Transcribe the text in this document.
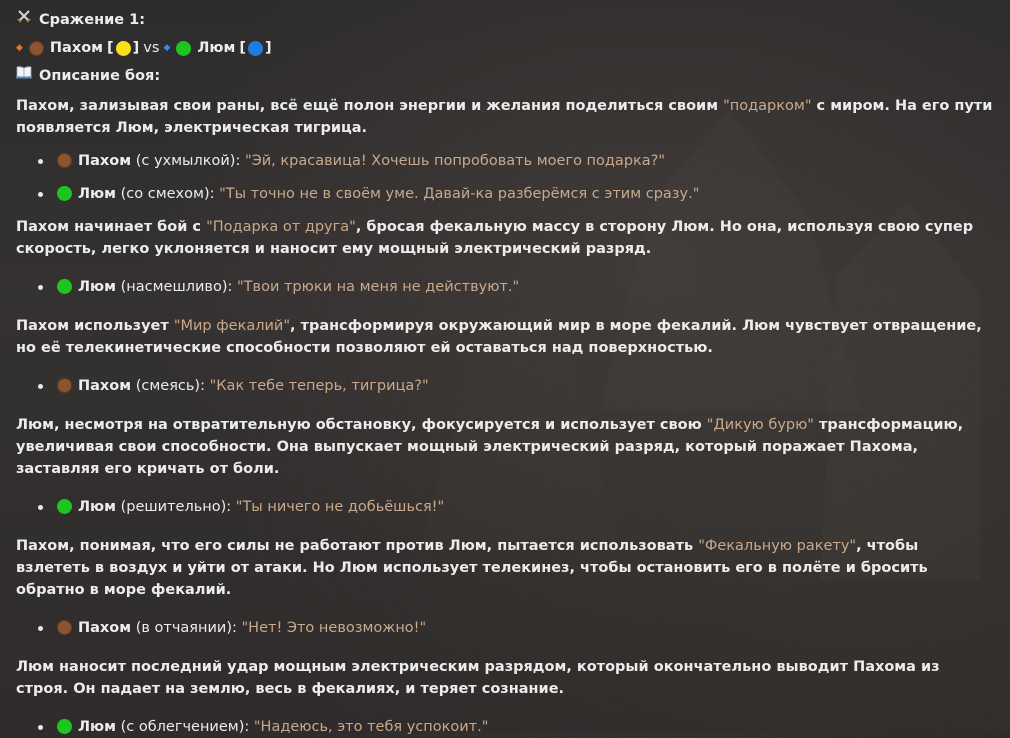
Сражение 1:
◆ Пахом [ ] vs ◆ Люм [ ]
Описание боя:

Пахом, зализывая свои раны, всё ещё полон энергии и желания поделиться своим "подарком" с миром. На его пути появляется Люм, электрическая тигрица.

Пахом (с ухмылкой): "Эй, красавица! Хочешь попробовать моего подарка?"
Люм (со смехом): "Ты точно не в своём уме. Давай-ка разберёмся с этим сразу."

Пахом начинает бой с "Подарка от друга", бросая фекальную массу в сторону Люм. Но она, используя свою супер скорость, легко уклоняется и наносит ему мощный электрический разряд.

Люм (насмешливо): "Твои трюки на меня не действуют."

Пахом использует "Мир фекалий", трансформируя окружающий мир в море фекалий. Люм чувствует отвращение, но её телекинетические способности позволяют ей оставаться над поверхностью.

Пахом (смеясь): "Как тебе теперь, тигрица?"

Люм, несмотря на отвратительную обстановку, фокусируется и использует свою "Дикую бурю" трансформацию, увеличивая свои способности. Она выпускает мощный электрический разряд, который поражает Пахома, заставляя его кричать от боли.

Люм (решительно): "Ты ничего не добьёшься!"

Пахом, понимая, что его силы не работают против Люм, пытается использовать "Фекальную ракету", чтобы взлететь в воздух и уйти от атаки. Но Люм использует телекинез, чтобы остановить его в полёте и бросить обратно в море фекалий.

Пахом (в отчаянии): "Нет! Это невозможно!"

Люм наносит последний удар мощным электрическим разрядом, который окончательно выводит Пахома из строя. Он падает на землю, весь в фекалиях, и теряет сознание.

Люм (с облегчением): "Надеюсь, это тебя успокоит."
